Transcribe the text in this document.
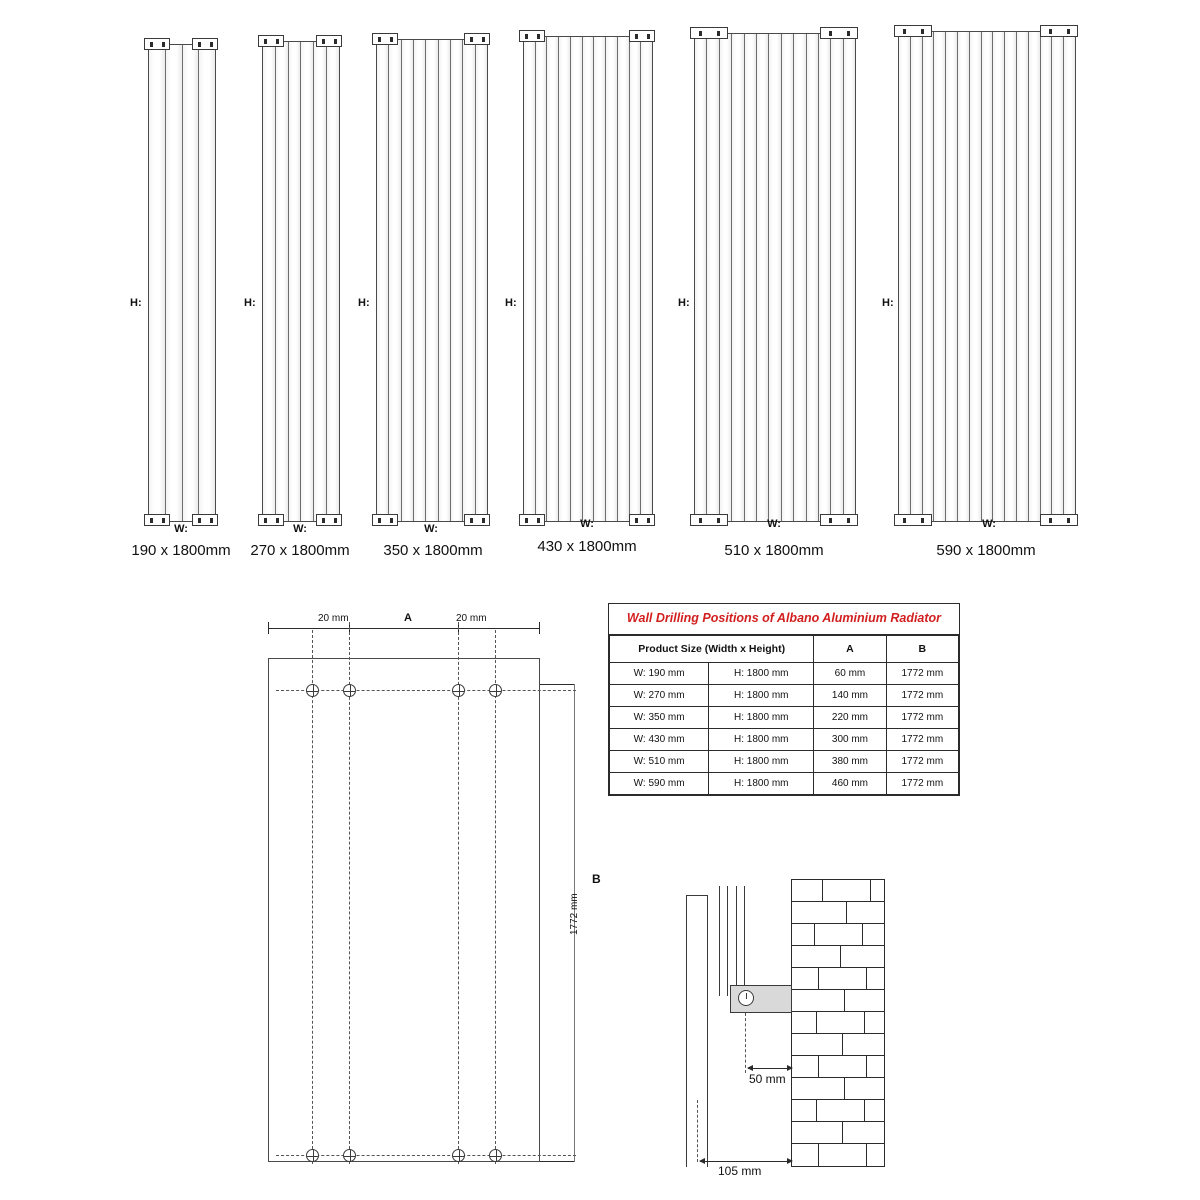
H:
W:
190 x 1800mm
H:
W:
270 x 1800mm
H:
W:
350 x 1800mm
H:
W:
430 x 1800mm
H:
W:
510 x 1800mm
H:
W:
590 x 1800mm
20 mm	A	20 mm
1772 mm
B
Wall Drilling Positions of Albano Aluminium Radiator
Product Size (Width x Height)		A	B
W: 190 mm	H: 1800 mm	60 mm	1772 mm
W: 270 mm	H: 1800 mm	140 mm	1772 mm
W: 350 mm	H: 1800 mm	220 mm	1772 mm
W: 430 mm	H: 1800 mm	300 mm	1772 mm
W: 510 mm	H: 1800 mm	380 mm	1772 mm
W: 590 mm	H: 1800 mm	460 mm	1772 mm
50 mm
105 mm
